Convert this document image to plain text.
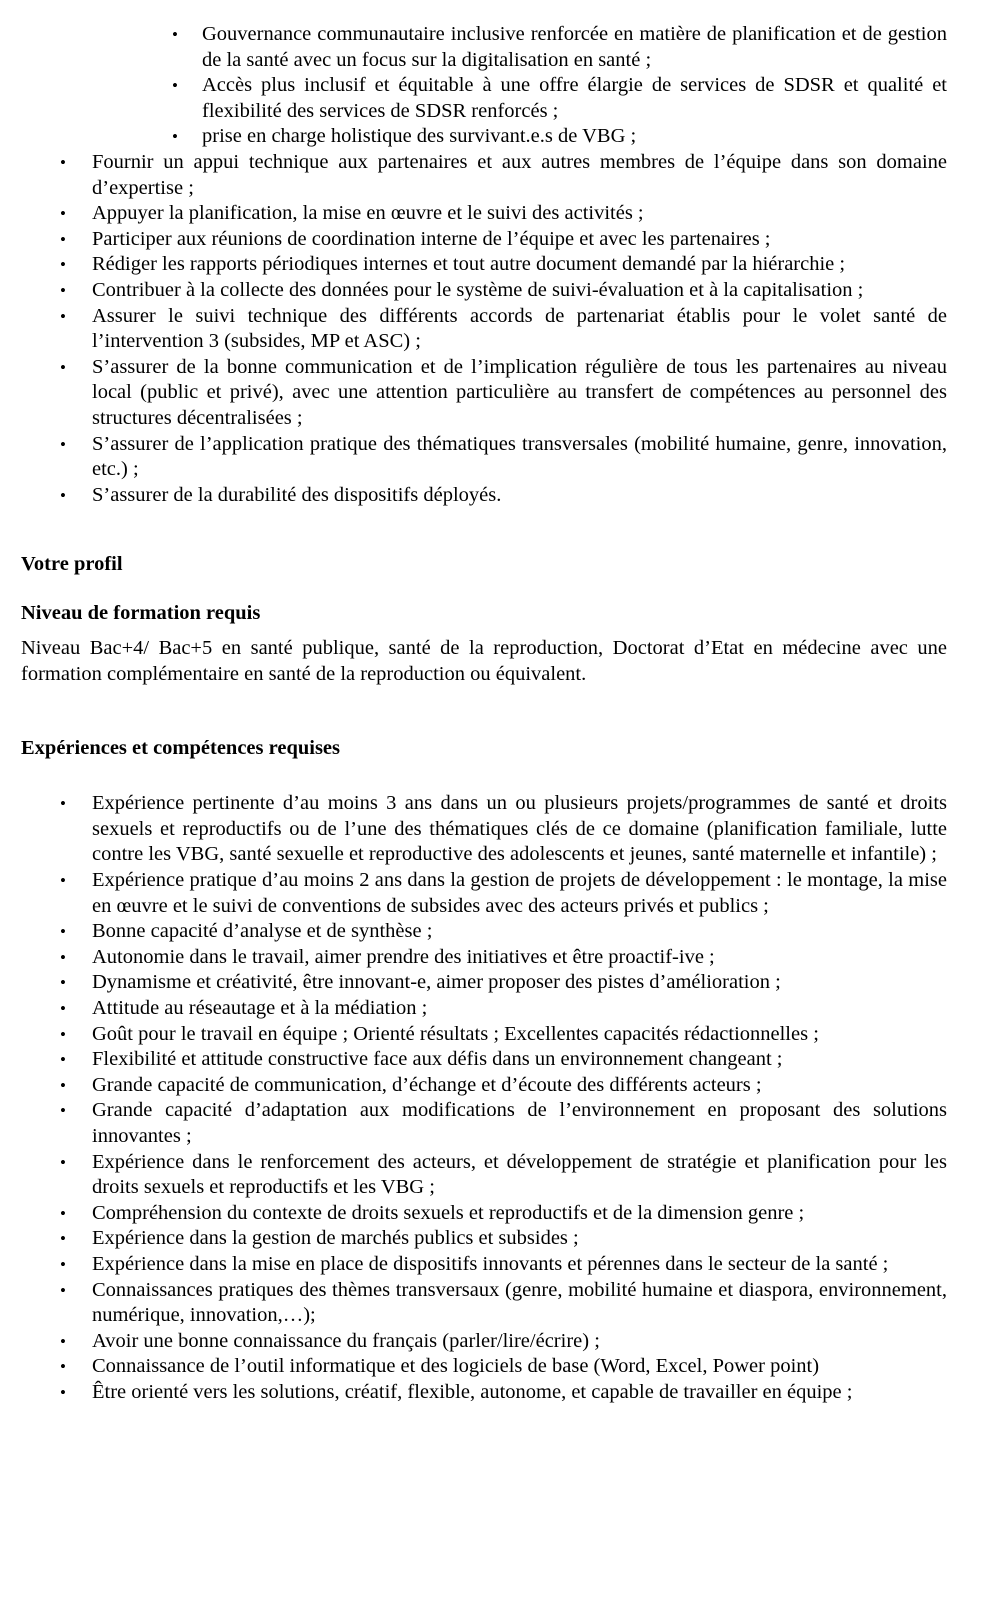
• Gouvernance communautaire inclusive renforcée en matière de planification et de gestion de la santé avec un focus sur la digitalisation en santé ;
• Accès plus inclusif et équitable à une offre élargie de services de SDSR et qualité et flexibilité des services de SDSR renforcés ;
• prise en charge holistique des survivant.e.s de VBG ;
• Fournir un appui technique aux partenaires et aux autres membres de l’équipe dans son domaine d’expertise ;
• Appuyer la planification, la mise en œuvre et le suivi des activités ;
• Participer aux réunions de coordination interne de l’équipe et avec les partenaires ;
• Rédiger les rapports périodiques internes et tout autre document demandé par la hiérarchie ;
• Contribuer à la collecte des données pour le système de suivi-évaluation et à la capitalisation ;
• Assurer le suivi technique des différents accords de partenariat établis pour le volet santé de l’intervention 3 (subsides, MP et ASC) ;
• S’assurer de la bonne communication et de l’implication régulière de tous les partenaires au niveau local (public et privé), avec une attention particulière au transfert de compétences au personnel des structures décentralisées ;
• S’assurer de l’application pratique des thématiques transversales (mobilité humaine, genre, innovation, etc.) ;
• S’assurer de la durabilité des dispositifs déployés.
Votre profil
Niveau de formation requis

Niveau Bac+4/ Bac+5 en santé publique, santé de la reproduction, Doctorat d’Etat en médecine avec une formation complémentaire en santé de la reproduction ou équivalent.

Expériences et compétences requises
• Expérience pertinente d’au moins 3 ans dans un ou plusieurs projets/programmes de santé et droits sexuels et reproductifs ou de l’une des thématiques clés de ce domaine (planification familiale, lutte contre les VBG, santé sexuelle et reproductive des adolescents et jeunes, santé maternelle et infantile) ;
• Expérience pratique d’au moins 2 ans dans la gestion de projets de développement : le montage, la mise en œuvre et le suivi de conventions de subsides avec des acteurs privés et publics ;
• Bonne capacité d’analyse et de synthèse ;
• Autonomie dans le travail, aimer prendre des initiatives et être proactif-ive ;
• Dynamisme et créativité, être innovant-e, aimer proposer des pistes d’amélioration ;
• Attitude au réseautage et à la médiation ;
• Goût pour le travail en équipe ; Orienté résultats ; Excellentes capacités rédactionnelles ;
• Flexibilité et attitude constructive face aux défis dans un environnement changeant ;
• Grande capacité de communication, d’échange et d’écoute des différents acteurs ;
• Grande capacité d’adaptation aux modifications de l’environnement en proposant des solutions innovantes ;
• Expérience dans le renforcement des acteurs, et développement de stratégie et planification pour les droits sexuels et reproductifs et les VBG ;
• Compréhension du contexte de droits sexuels et reproductifs et de la dimension genre ;
• Expérience dans la gestion de marchés publics et subsides ;
• Expérience dans la mise en place de dispositifs innovants et pérennes dans le secteur de la santé ;
• Connaissances pratiques des thèmes transversaux (genre, mobilité humaine et diaspora, environnement, numérique, innovation,…);
• Avoir une bonne connaissance du français (parler/lire/écrire) ;
• Connaissance de l’outil informatique et des logiciels de base (Word, Excel, Power point)
• Être orienté vers les solutions, créatif, flexible, autonome, et capable de travailler en équipe ;
